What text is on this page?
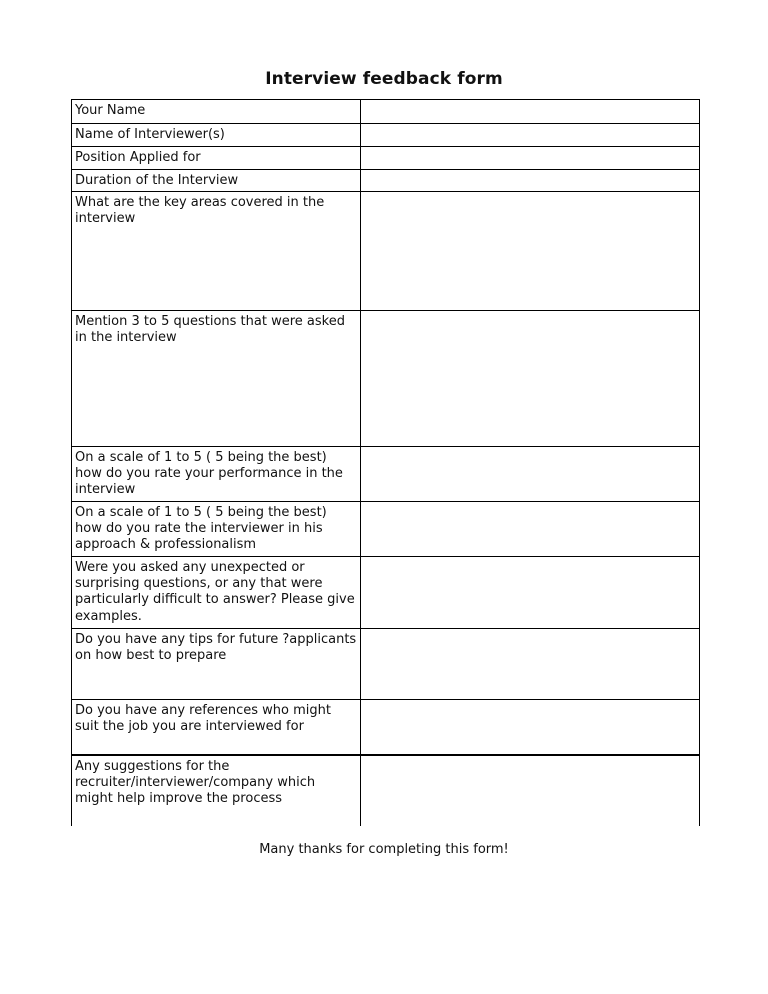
Interview feedback form
Your Name	
Name of Interviewer(s)	
Position Applied for	
Duration of the Interview	
What are the key areas covered in the interview	
Mention 3 to 5 questions that were asked in the interview	
On a scale of 1 to 5 ( 5 being the best) how do you rate your performance in the interview	
On a scale of 1 to 5 ( 5 being the best) how do you rate the interviewer in his approach & professionalism	
Were you asked any unexpected or surprising questions, or any that were particularly difficult to answer? Please give examples.	
Do you have any tips for future ?applicants on how best to prepare	
Do you have any references who might suit the job you are interviewed for	
Any suggestions for the recruiter/interviewer/company which might help improve the process	
Many thanks for completing this form!
